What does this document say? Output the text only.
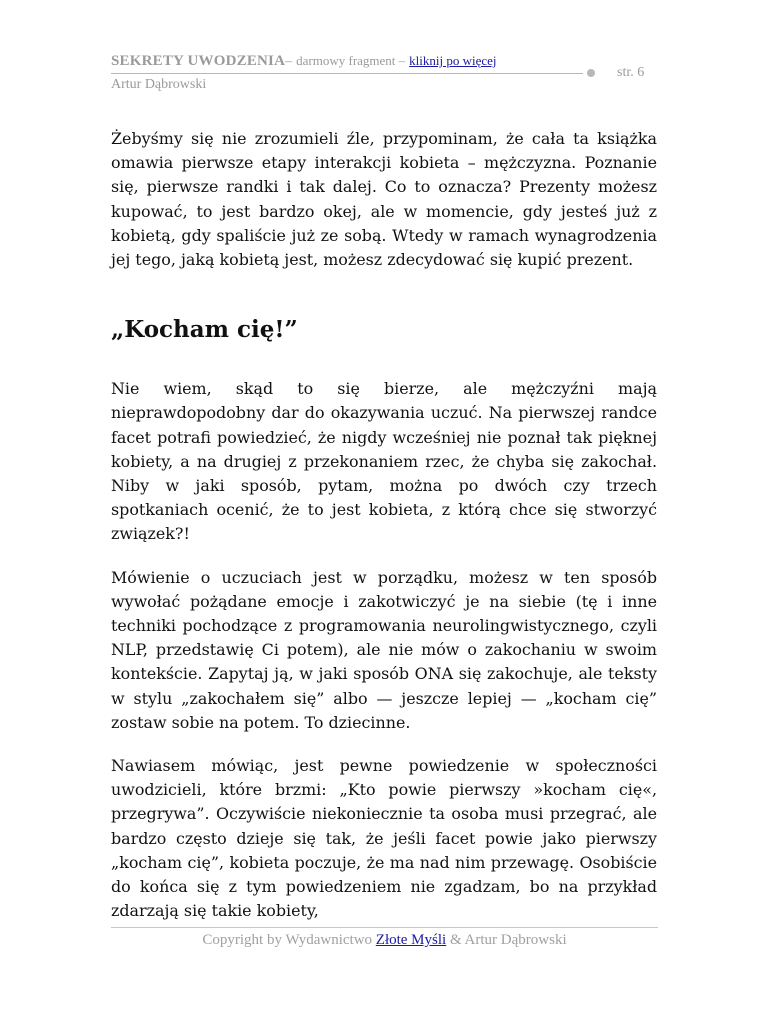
SEKRETY UWODZENIA– darmowy fragment – kliknij po więcej
str. 6
Artur Dąbrowski

Żebyśmy się nie zrozumieli źle, przypominam, że cała ta książka omawia pierwsze etapy interakcji kobieta – mężczyzna. Poznanie się, pierwsze randki i tak dalej. Co to oznacza? Prezenty możesz kupować, to jest bardzo okej, ale w momencie, gdy jesteś już z kobietą, gdy spaliście już ze sobą. Wtedy w ramach wynagrodzenia jej tego, jaką kobietą jest, możesz zdecydować się kupić prezent.

„Kocham cię!”

Nie wiem, skąd to się bierze, ale mężczyźni mają nieprawdopodobny dar do okazywania uczuć. Na pierwszej randce facet potrafi powiedzieć, że nigdy wcześniej nie poznał tak pięknej kobiety, a na drugiej z przekonaniem rzec, że chyba się zakochał. Niby w jaki sposób, pytam, można po dwóch czy trzech spotkaniach ocenić, że to jest kobieta, z którą chce się stworzyć związek?!

Mówienie o uczuciach jest w porządku, możesz w ten sposób wywołać pożądane emocje i zakotwiczyć je na siebie (tę i inne techniki pochodzące z programowania neurolingwistycznego, czyli NLP, przedstawię Ci potem), ale nie mów o zakochaniu w swoim kontekście. Zapytaj ją, w jaki sposób ONA się zakochuje, ale teksty w stylu „zakochałem się” albo — jeszcze lepiej — „kocham cię” zostaw sobie na potem. To dziecinne.

Nawiasem mówiąc, jest pewne powiedzenie w społeczności uwodzicieli, które brzmi: „Kto powie pierwszy »kocham cię«, przegrywa”. Oczywiście niekoniecznie ta osoba musi przegrać, ale bardzo często dzieje się tak, że jeśli facet powie jako pierwszy „kocham cię”, kobieta poczuje, że ma nad nim przewagę. Osobiście do końca się z tym powiedzeniem nie zgadzam, bo na przykład zdarzają się takie kobiety,

Copyright by Wydawnictwo Złote Myśli & Artur Dąbrowski
